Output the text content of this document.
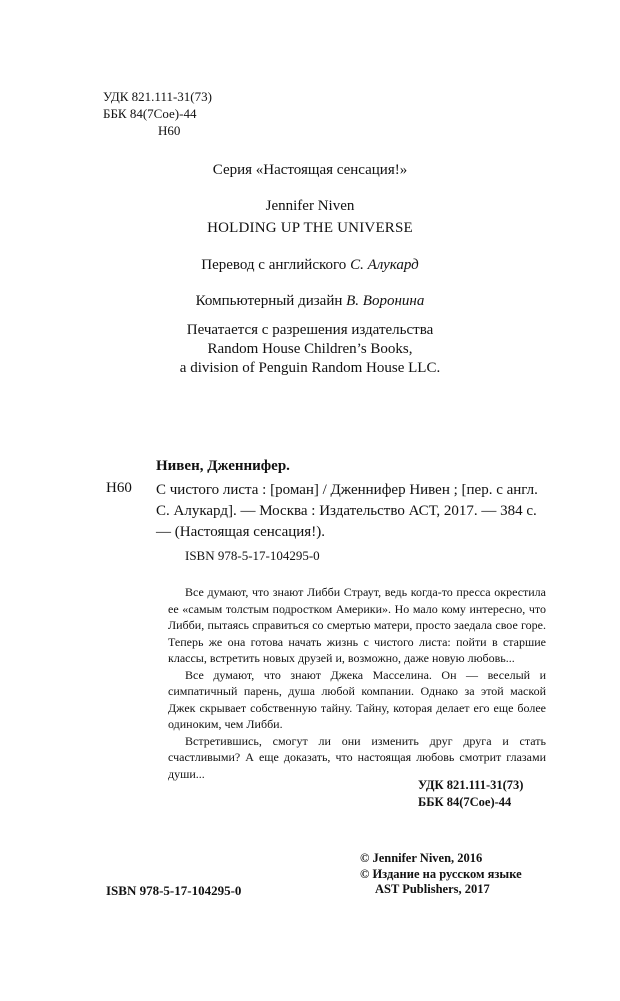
УДК 821.111-31(73)
ББК 84(7Сое)-44
Н60
Серия «Настоящая сенсация!»
Jennifer Niven
HOLDING UP THE UNIVERSE
Перевод с английского С. Алукард
Компьютерный дизайн В. Воронина
Печатается с разрешения издательства
Random House Children’s Books,
a division of Penguin Random House LLC.
Нивен, Дженнифер.
Н60 С чистого листа : [роман] / Дженнифер Нивен ; [пер. с англ. С. Алукард]. — Москва : Издательство АСТ, 2017. — 384 с. — (Настоящая сенсация!).
ISBN 978-5-17-104295-0

Все думают, что знают Либби Страут, ведь когда-то пресса окрестила ее «самым толстым подростком Америки». Но мало кому интересно, что Либби, пытаясь справиться со смертью матери, просто заедала свое горе. Теперь же она готова начать жизнь с чистого листа: пойти в старшие классы, встретить новых друзей и, возможно, даже новую любовь...

Все думают, что знают Джека Масселина. Он — веселый и симпатичный парень, душа любой компании. Однако за этой маской Джек скрывает собственную тайну. Тайну, которая делает его еще более одиноким, чем Либби.

Встретившись, смогут ли они изменить друг друга и стать счастливыми? А еще доказать, что настоящая любовь смотрит глазами души...

УДК 821.111-31(73)
ББК 84(7Сое)-44
© Jennifer Niven, 2016
© Издание на русском языке
AST Publishers, 2017
ISBN 978-5-17-104295-0
